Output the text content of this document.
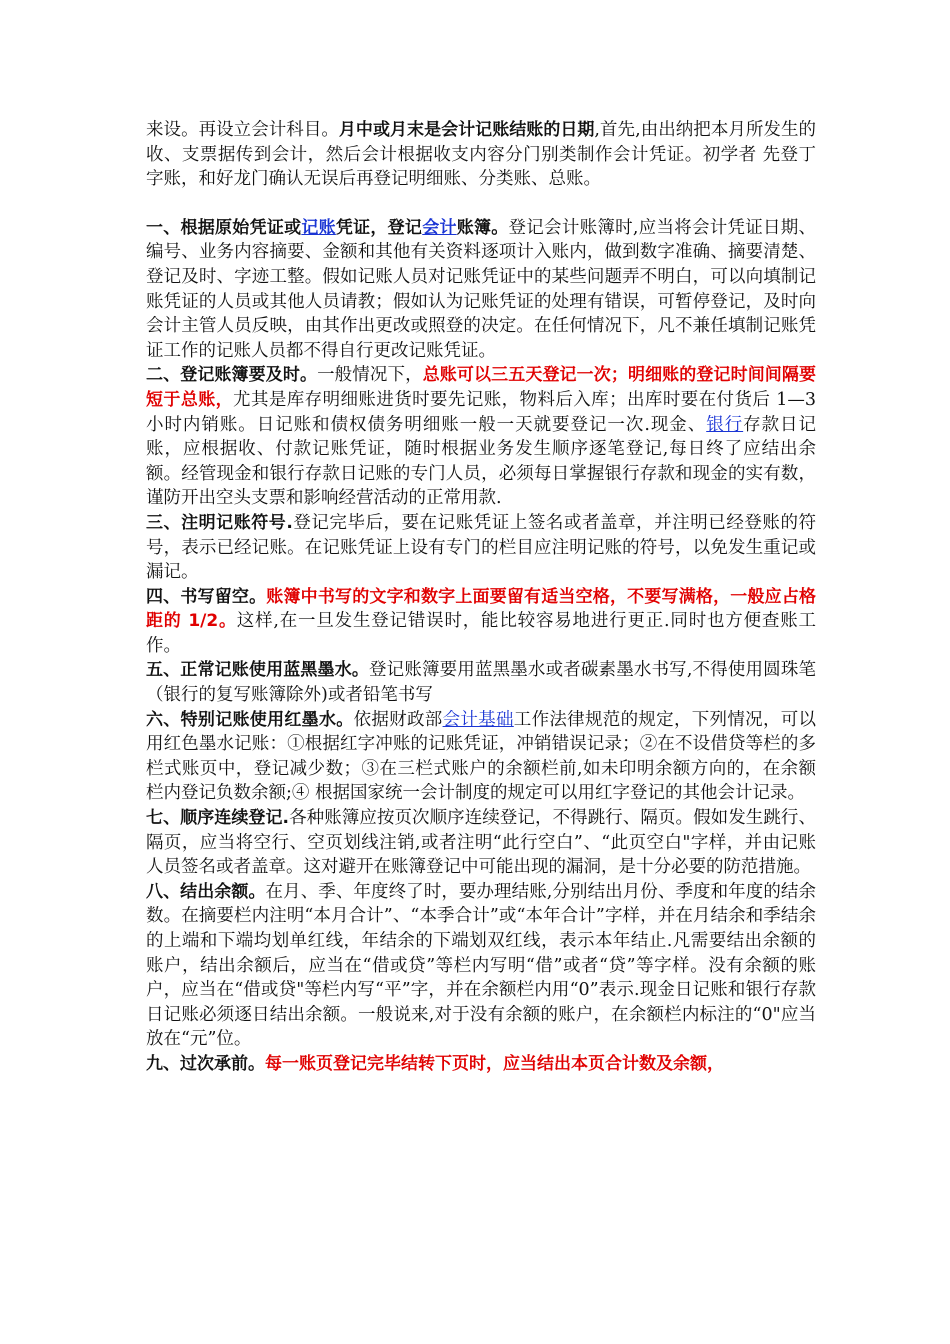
来设。再设立会计科目。月中或月末是会计记账结账的日期,首先,由出纳把本月所发生的收、支票据传到会计，然后会计根据收支内容分门别类制作会计凭证。初学者 先登丁字账，和好龙门确认无误后再登记明细账、分类账、总账。

一、根据原始凭证或记账凭证，登记会计账簿。登记会计账簿时,应当将会计凭证日期、编号、业务内容摘要、金额和其他有关资料逐项计入账内，做到数字准确、摘要清楚、登记及时、字迹工整。假如记账人员对记账凭证中的某些问题弄不明白，可以向填制记账凭证的人员或其他人员请教；假如认为记账凭证的处理有错误，可暂停登记，及时向会计主管人员反映，由其作出更改或照登的决定。在任何情况下，凡不兼任填制记账凭证工作的记账人员都不得自行更改记账凭证。

二、登记账簿要及时。一般情况下，总账可以三五天登记一次；明细账的登记时间间隔要短于总账，尤其是库存明细账进货时要先记账，物料后入库；出库时要在付货后 1—3 小时内销账。日记账和债权债务明细账一般一天就要登记一次.现金、银行存款日记账，应根据收、付款记账凭证，随时根据业务发生顺序逐笔登记,每日终了应结出余额。经管现金和银行存款日记账的专门人员，必须每日掌握银行存款和现金的实有数，谨防开出空头支票和影响经营活动的正常用款.

三、注明记账符号.登记完毕后，要在记账凭证上签名或者盖章，并注明已经登账的符号，表示已经记账。在记账凭证上设有专门的栏目应注明记账的符号，以免发生重记或漏记。

四、书写留空。账簿中书写的文字和数字上面要留有适当空格，不要写满格，一般应占格距的 1/2。这样,在一旦发生登记错误时，能比较容易地进行更正.同时也方便查账工作。

五、正常记账使用蓝黑墨水。登记账簿要用蓝黑墨水或者碳素墨水书写,不得使用圆珠笔（银行的复写账簿除外)或者铅笔书写

六、特别记账使用红墨水。依据财政部会计基础工作法律规范的规定，下列情况，可以用红色墨水记账：①根据红字冲账的记账凭证，冲销错误记录；②在不设借贷等栏的多栏式账页中，登记减少数；③在三栏式账户的余额栏前,如未印明余额方向的，在余额栏内登记负数余额;④ 根据国家统一会计制度的规定可以用红字登记的其他会计记录。

七、顺序连续登记.各种账簿应按页次顺序连续登记，不得跳行、隔页。假如发生跳行、隔页，应当将空行、空页划线注销,或者注明“此行空白”、“此页空白"字样，并由记账人员签名或者盖章。这对避开在账簿登记中可能出现的漏洞，是十分必要的防范措施。

八、结出余额。在月、季、年度终了时，要办理结账,分别结出月份、季度和年度的结余数。在摘要栏内注明“本月合计”、“本季合计”或“本年合计”字样，并在月结余和季结余的上端和下端均划单红线，年结余的下端划双红线，表示本年结止.凡需要结出余额的账户，结出余额后，应当在“借或贷”等栏内写明“借”或者“贷”等字样。没有余额的账户，应当在“借或贷"等栏内写“平”字，并在余额栏内用“0”表示.现金日记账和银行存款日记账必须逐日结出余额。一般说来,对于没有余额的账户，在余额栏内标注的“0"应当放在“元”位。

九、过次承前。每一账页登记完毕结转下页时，应当结出本页合计数及余额，
